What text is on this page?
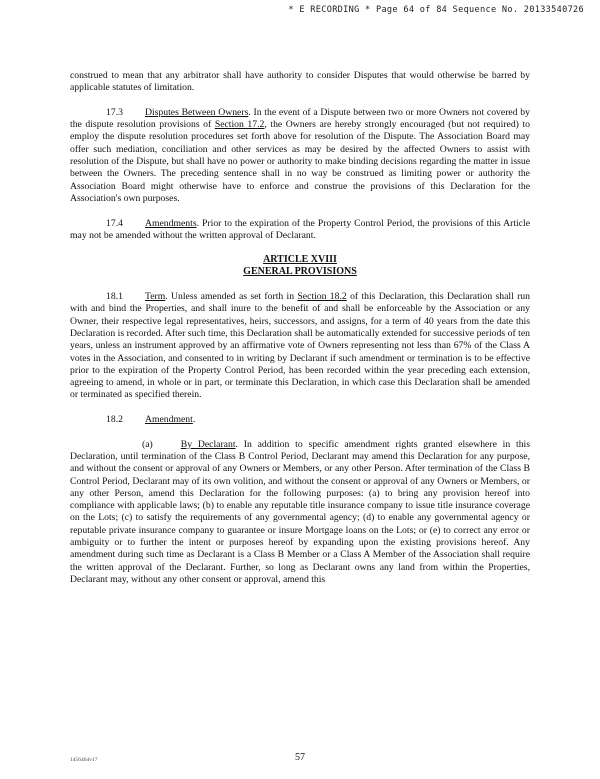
* E RECORDING * Page 64 of 84 Sequence No. 20133540726

construed to mean that any arbitrator shall have authority to consider Disputes that would otherwise be barred by applicable statutes of limitation.

17.3 Disputes Between Owners. In the event of a Dispute between two or more Owners not covered by the dispute resolution provisions of Section 17.2, the Owners are hereby strongly encouraged (but not required) to employ the dispute resolution procedures set forth above for resolution of the Dispute. The Association Board may offer such mediation, conciliation and other services as may be desired by the affected Owners to assist with resolution of the Dispute, but shall have no power or authority to make binding decisions regarding the matter in issue between the Owners. The preceding sentence shall in no way be construed as limiting power or authority the Association Board might otherwise have to enforce and construe the provisions of this Declaration for the Association's own purposes.

17.4 Amendments. Prior to the expiration of the Property Control Period, the provisions of this Article may not be amended without the written approval of Declarant.

ARTICLE XVIII
GENERAL PROVISIONS

18.1 Term. Unless amended as set forth in Section 18.2 of this Declaration, this Declaration shall run with and bind the Properties, and shall inure to the benefit of and shall be enforceable by the Association or any Owner, their respective legal representatives, heirs, successors, and assigns, for a term of 40 years from the date this Declaration is recorded. After such time, this Declaration shall be automatically extended for successive periods of ten years, unless an instrument approved by an affirmative vote of Owners representing not less than 67% of the Class A votes in the Association, and consented to in writing by Declarant if such amendment or termination is to be effective prior to the expiration of the Property Control Period, has been recorded within the year preceding each extension, agreeing to amend, in whole or in part, or terminate this Declaration, in which case this Declaration shall be amended or terminated as specified therein.

18.2 Amendment.

(a)	By Declarant. In addition to specific amendment rights granted elsewhere in this Declaration, until termination of the Class B Control Period, Declarant may amend this Declaration for any purpose, and without the consent or approval of any Owners or Members, or any other Person. After termination of the Class B Control Period, Declarant may of its own volition, and without the consent or approval of any Owners or Members, or any other Person, amend this Declaration for the following purposes: (a) to bring any provision hereof into compliance with applicable laws; (b) to enable any reputable title insurance company to issue title insurance coverage on the Lots; (c) to satisfy the requirements of any governmental agency; (d) to enable any governmental agency or reputable private insurance company to guarantee or insure Mortgage loans on the Lots; or (e) to correct any error or ambiguity or to further the intent or purposes hereof by expanding upon the existing provisions hereof. Any amendment during such time as Declarant is a Class B Member or a Class A Member of the Association shall require the written approval of the Declarant. Further, so long as Declarant owns any land from within the Properties, Declarant may, without any other consent or approval, amend this

1456464v17	57
